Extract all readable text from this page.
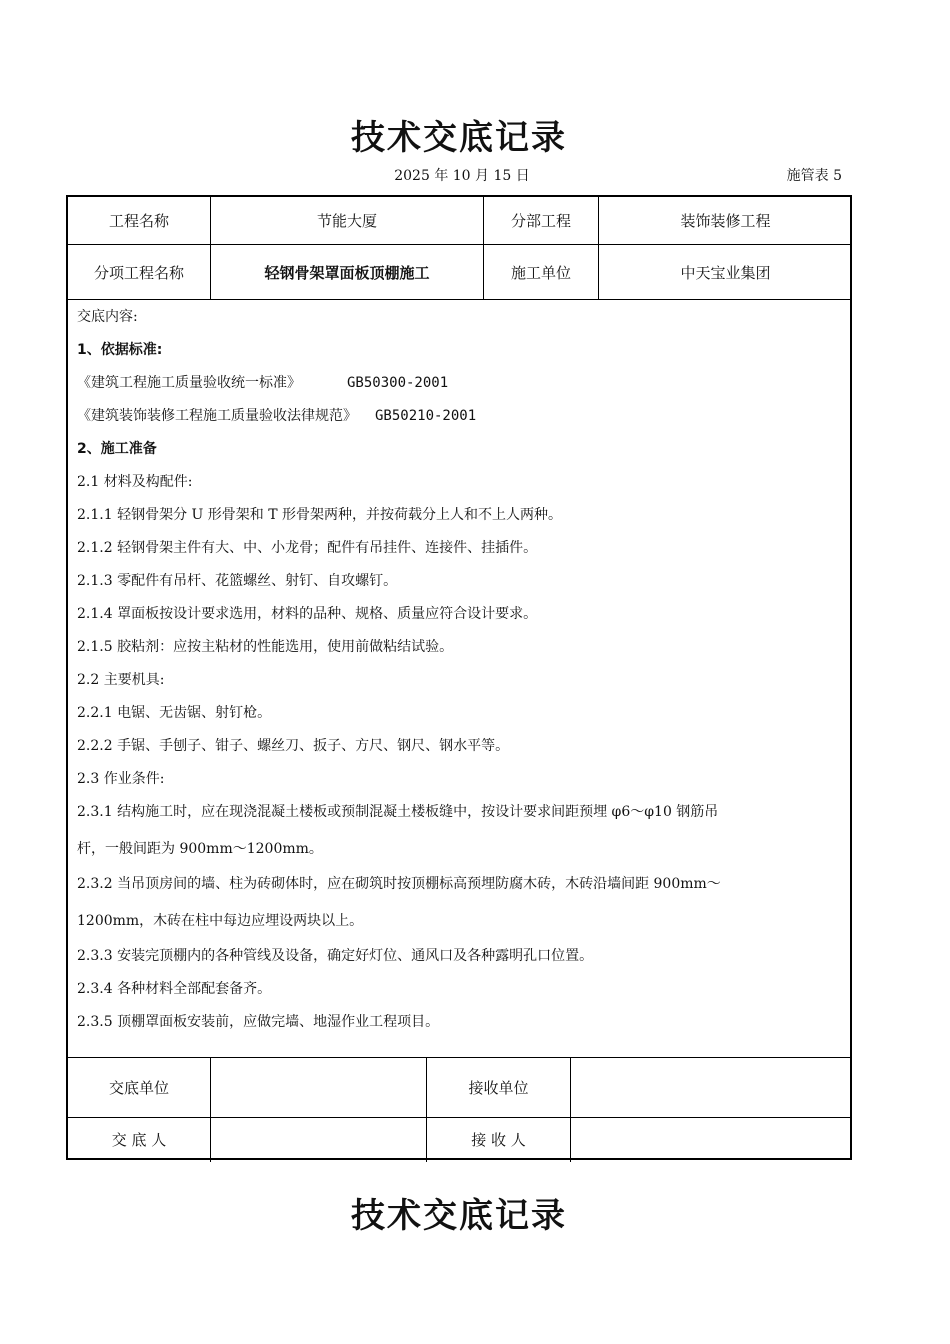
技术交底记录
2025 年 10 月 15 日	施管表 5
工程名称	节能大厦	分部工程	装饰装修工程
分项工程名称	轻钢骨架罩面板顶棚施工	施工单位	中天宝业集团
交底内容:
1、依据标准:
《建筑工程施工质量验收统一标准》	GB50300-2001
《建筑装饰装修工程施工质量验收法律规范》 GB50210-2001
2、施工准备
2.1 材料及构配件:
2.1.1 轻钢骨架分 U 形骨架和 T 形骨架两种，并按荷载分上人和不上人两种。
2.1.2 轻钢骨架主件有大、中、小龙骨；配件有吊挂件、连接件、挂插件。
2.1.3 零配件有吊杆、花篮螺丝、射钉、自攻螺钉。
2.1.4 罩面板按设计要求选用，材料的品种、规格、质量应符合设计要求。
2.1.5 胶粘剂：应按主粘材的性能选用，使用前做粘结试验。
2.2 主要机具:
2.2.1 电锯、无齿锯、射钉枪。
2.2.2 手锯、手刨子、钳子、螺丝刀、扳子、方尺、钢尺、钢水平等。
2.3 作业条件:
2.3.1 结构施工时，应在现浇混凝土楼板或预制混凝土楼板缝中，按设计要求间距预埋 φ6～φ10 钢筋吊
杆，一般间距为 900mm～1200mm。
2.3.2 当吊顶房间的墙、柱为砖砌体时，应在砌筑时按顶棚标高预埋防腐木砖，木砖沿墙间距 900mm～
1200mm，木砖在柱中每边应埋设两块以上。
2.3.3 安装完顶棚内的各种管线及设备，确定好灯位、通风口及各种露明孔口位置。
2.3.4 各种材料全部配套备齐。
2.3.5 顶棚罩面板安装前，应做完墙、地湿作业工程项目。
交底单位	接收单位
交 底 人	接 收 人
技术交底记录
